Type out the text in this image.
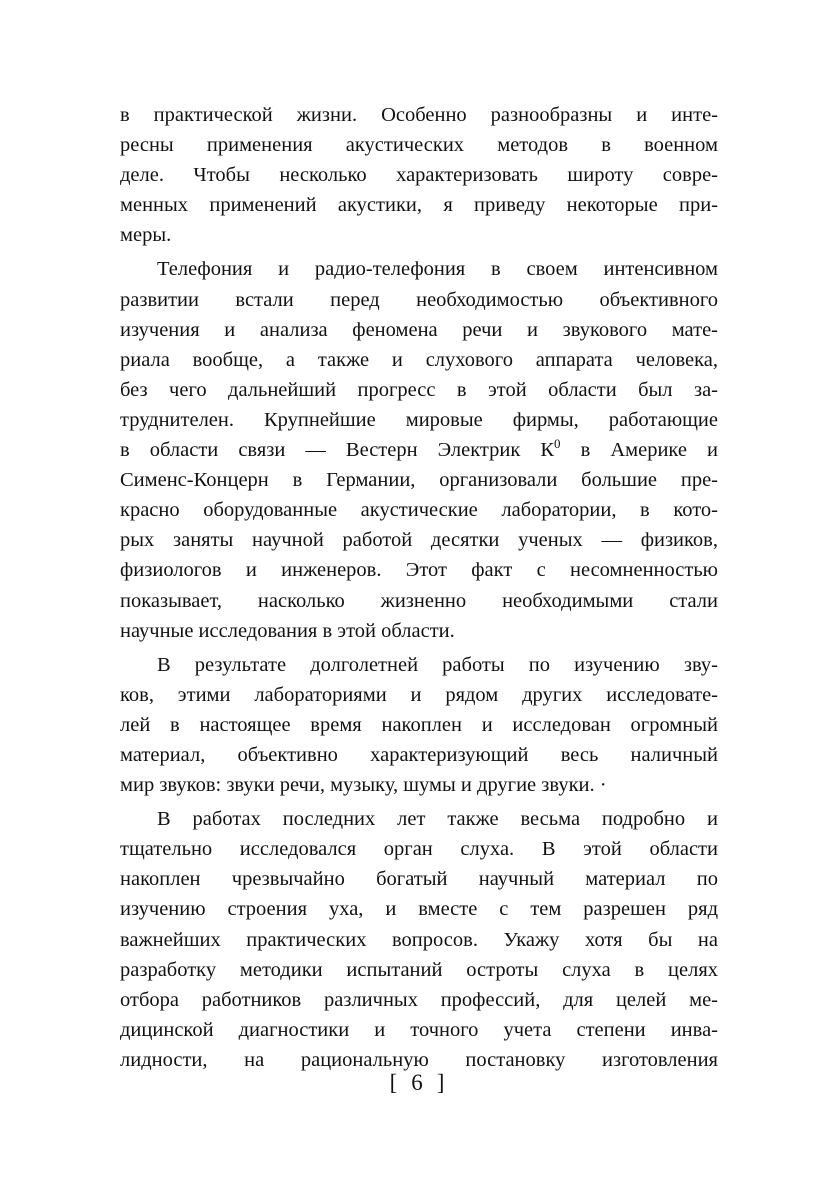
в практической жизни. Особенно разнообразны и инте-
ресны применения акустических методов в военном
деле. Чтобы несколько характеризовать широту совре-
менных применений акустики, я приведу некоторые при-
меры.
Телефония и радио-телефония в своем интенсивном
развитии встали перед необходимостью объективного
изучения и анализа феномена речи и звукового мате-
риала вообще, а также и слухового аппарата человека,
без чего дальнейший прогресс в этой области был за-
труднителен. Крупнейшие мировые фирмы, работающие
в области связи — Вестерн Электрик $К^0$ в Америке и
Сименс-Концерн в Германии, организовали большие пре-
красно оборудованные акустические лаборатории, в кото-
рых заняты научной работой десятки ученых — физиков,
физиологов и инженеров. Этот факт с несомненностью
показывает, насколько жизненно необходимыми стали
научные исследования в этой области.
В результате долголетней работы по изучению зву-
ков, этими лабораториями и рядом других исследовате-
лей в настоящее время накоплен и исследован огромный
материал, объективно характеризующий весь наличный
мир звуков: звуки речи, музыку, шумы и другие звуки. ·
В работах последних лет также весьма подробно и
тщательно исследовался орган слуха. В этой области
накоплен чрезвычайно богатый научный материал по
изучению строения уха, и вместе с тем разрешен ряд
важнейших практических вопросов. Укажу хотя бы на
разработку методики испытаний остроты слуха в целях
отбора работников различных профессий, для целей ме-
дицинской диагностики и точного учета степени инва-
лидности, на рациональную постановку изготовления
[ 6 ]
